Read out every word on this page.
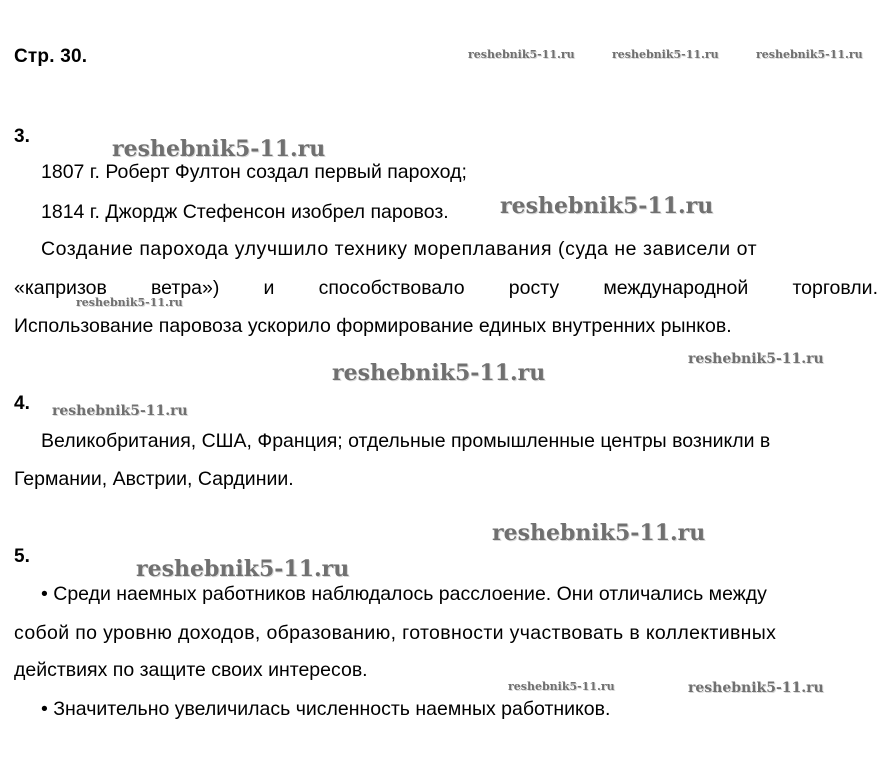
Стр. 30.	reshebnik5-11.ru	reshebnik5-11.ru	reshebnik5-11.ru
reshebnik5-11.ru
reshebnik5-11.ru
reshebnik5-11.ru
reshebnik5-11.ru
reshebnik5-11.ru
reshebnik5-11.ru
reshebnik5-11.ru
reshebnik5-11.ru
reshebnik5-11.ru	reshebnik5-11.ru
3.
1807 г. Роберт Фултон создал первый пароход;
1814 г. Джордж Стефенсон изобрел паровоз.
Создание парохода улучшило технику мореплавания (суда не зависели от
«капризов ветра») и способствовало росту международной торговли.
Использование паровоза ускорило формирование единых внутренних рынков.
4.
Великобритания, США, Франция; отдельные промышленные центры возникли в
Германии, Австрии, Сардинии.
5.
• Среди наемных работников наблюдалось расслоение. Они отличались между
собой по уровню доходов, образованию, готовности участвовать в коллективных
действиях по защите своих интересов.
• Значительно увеличилась численность наемных работников.
